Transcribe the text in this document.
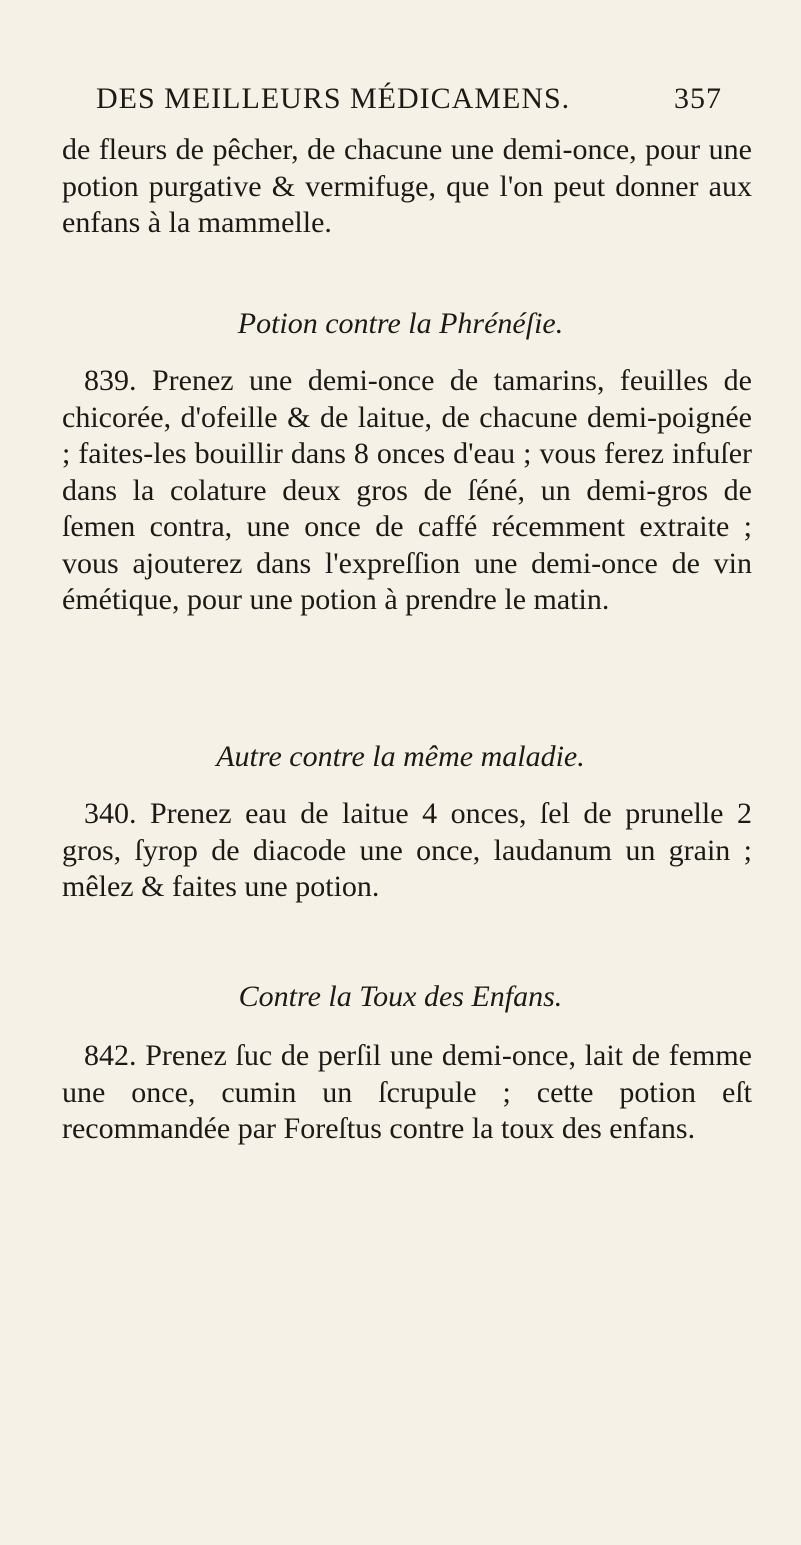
DES MEILLEURS MÉDICAMENS.	357

de fleurs de pêcher, de chacune une demi-once, pour une potion purgative & vermifuge, que l'on peut donner aux enfans à la mammelle.

Potion contre la Phrénéſie.

839. Prenez une demi-once de tamarins, feuilles de chicorée, d'ofeille & de laitue, de chacune demi-poignée ; faites-les bouillir dans 8 onces d'eau ; vous ferez infuſer dans la colature deux gros de ſéné, un demi-gros de ſemen contra, une once de caffé récemment extraite ; vous ajouterez dans l'expreſſion une demi-once de vin émétique, pour une potion à prendre le matin.

Autre contre la même maladie.

340. Prenez eau de laitue 4 onces, ſel de prunelle 2 gros, ſyrop de diacode une once, laudanum un grain ; mêlez & faites une potion.

Contre la Toux des Enfans.

842. Prenez ſuc de perſil une demi-once, lait de femme une once, cumin un ſcrupule ; cette potion eſt recommandée par Foreſtus contre la toux des enfans.
